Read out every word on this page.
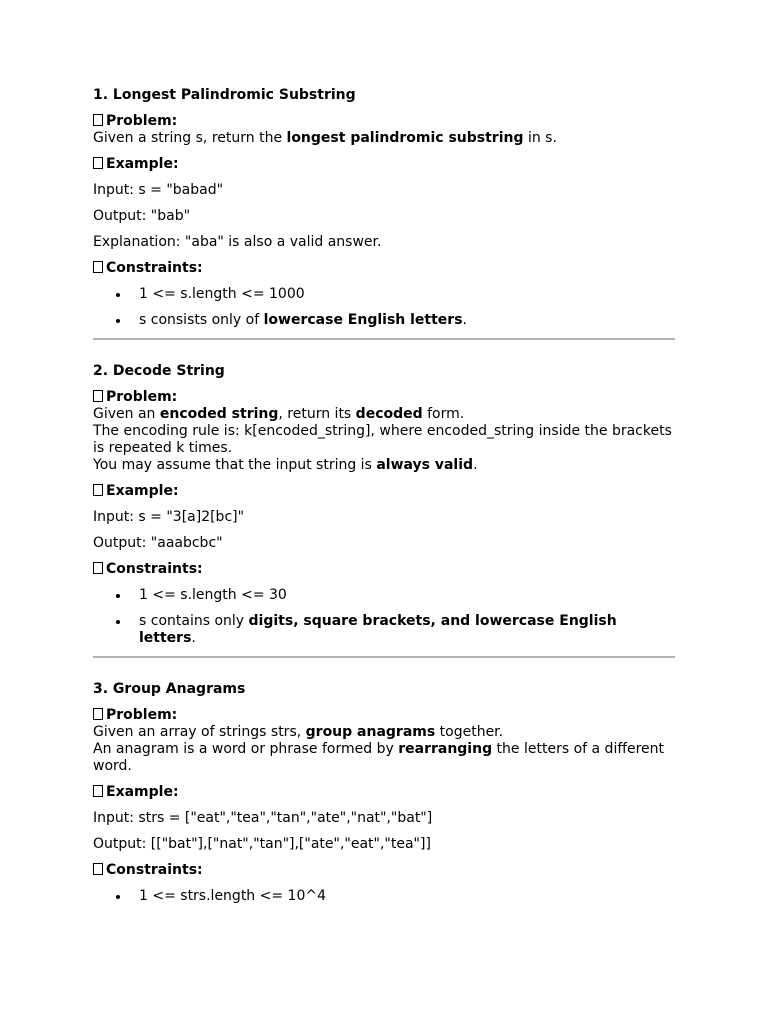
1. Longest Palindromic Substring
Problem:

Given a string s, return the longest palindromic substring in s.

Example:
Input: s = "babad"
Output: "bab"
Explanation: "aba" is also a valid answer.
Constraints:
1 <= s.length <= 1000
s consists only of lowercase English letters.
2. Decode String
Problem:

Given an encoded string, return its decoded form.
The encoding rule is: k[encoded_string], where encoded_string inside the brackets is repeated k times.
You may assume that the input string is always valid.

Example:
Input: s = "3[a]2[bc]"
Output: "aaabcbc"
Constraints:
1 <= s.length <= 30
s contains only digits, square brackets, and lowercase English letters.
3. Group Anagrams
Problem:

Given an array of strings strs, group anagrams together.
An anagram is a word or phrase formed by rearranging the letters of a different word.

Example:
Input: strs = ["eat","tea","tan","ate","nat","bat"]
Output: [["bat"],["nat","tan"],["ate","eat","tea"]]
Constraints:
1 <= strs.length <= 10^4
